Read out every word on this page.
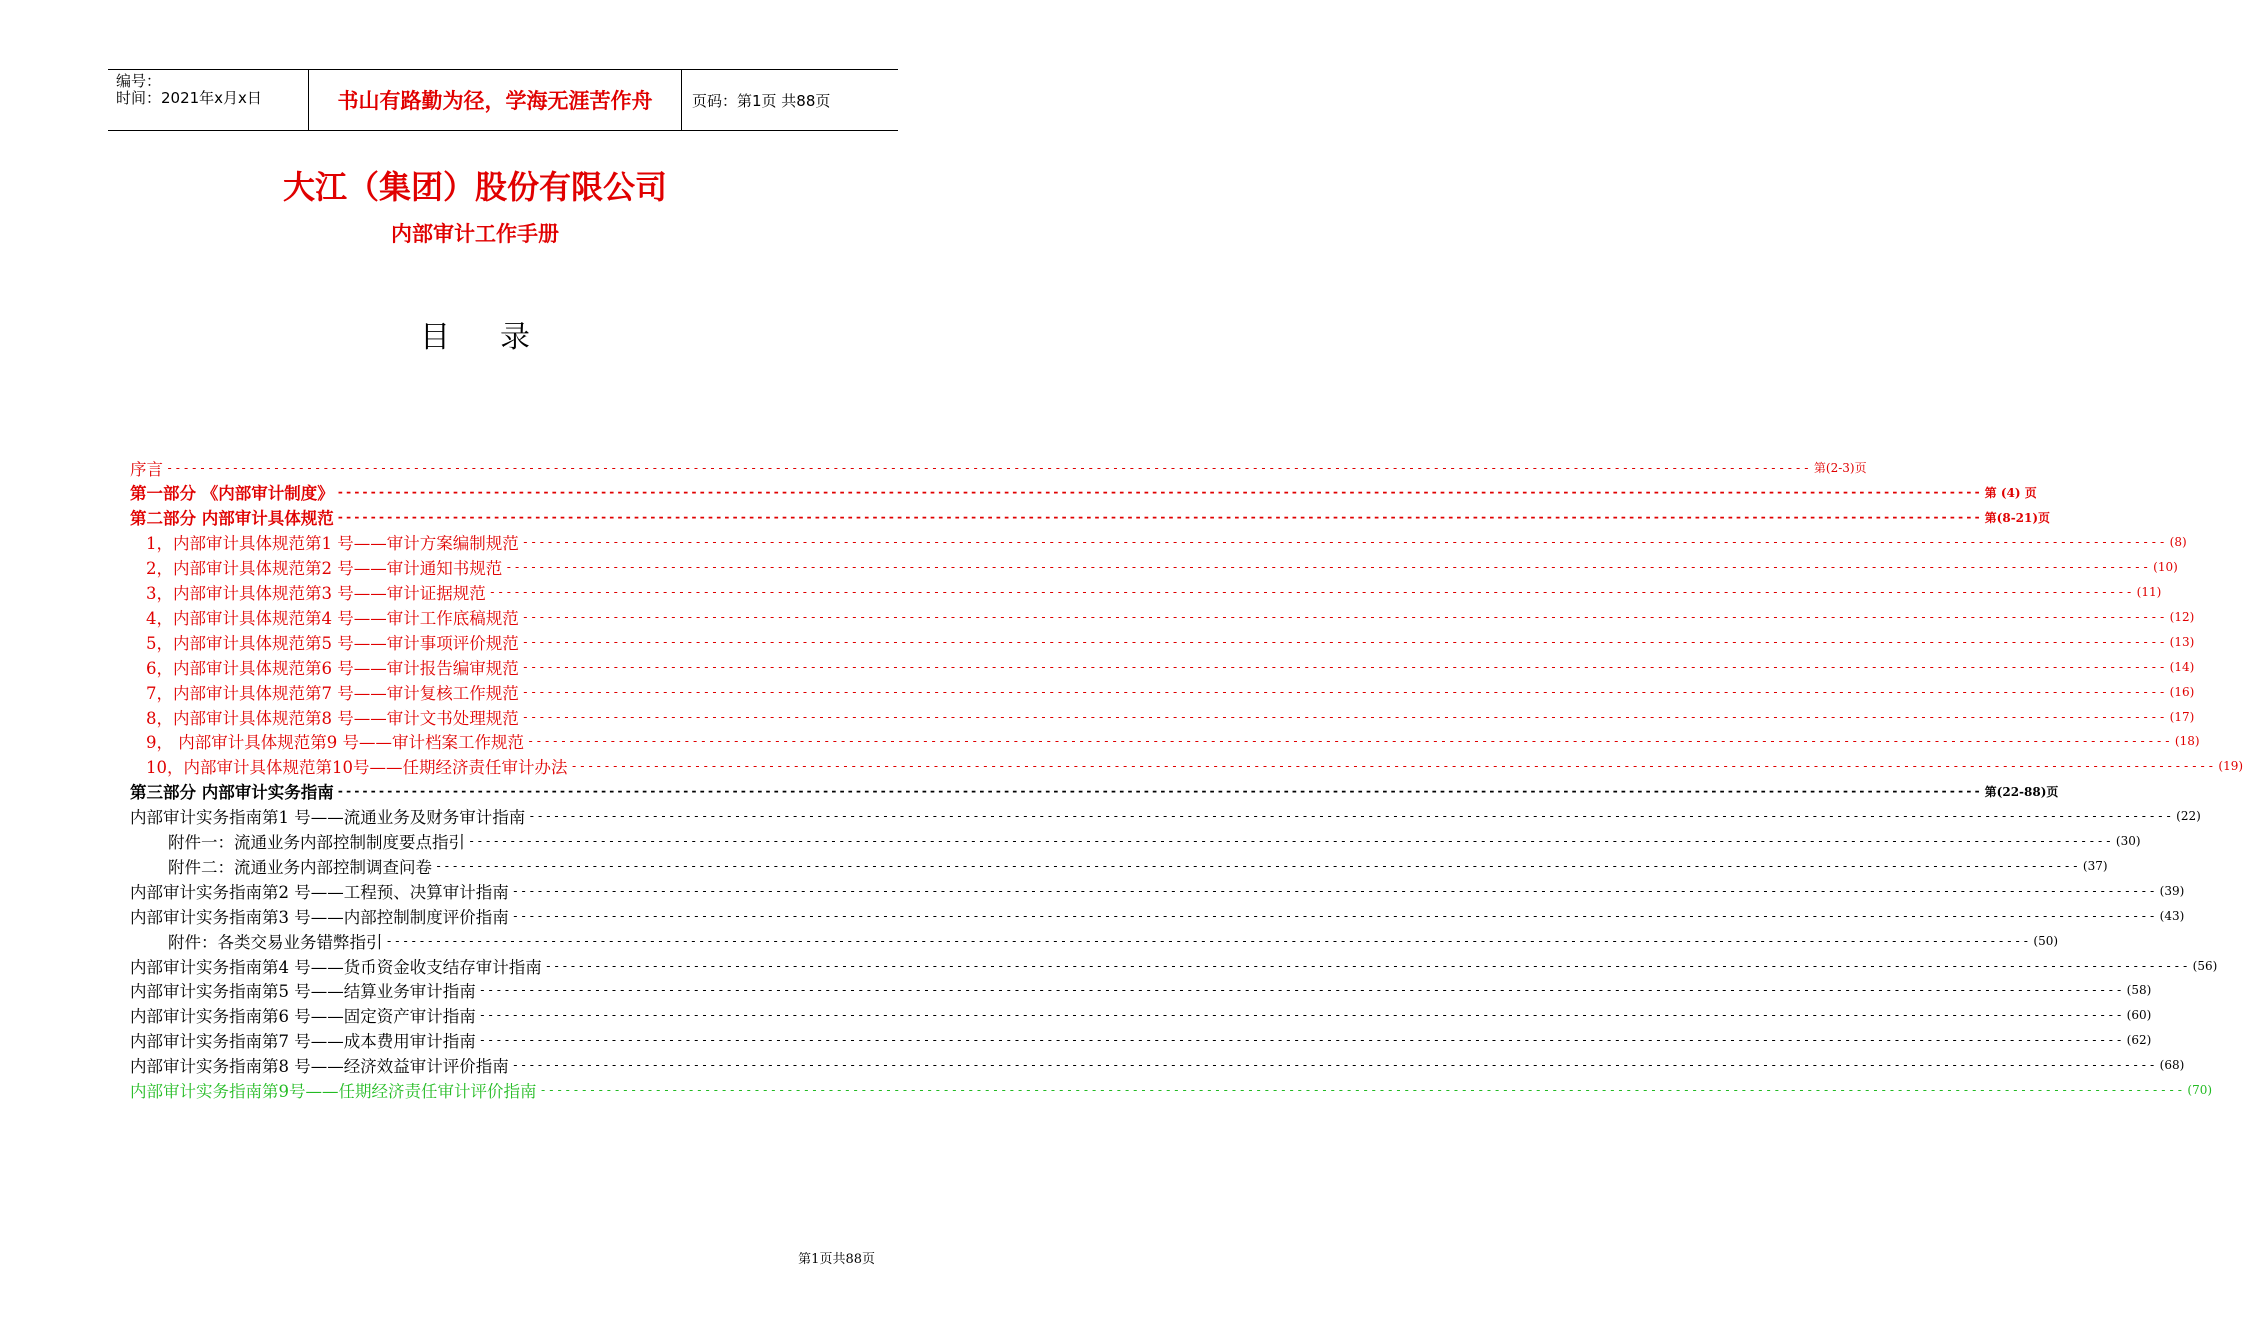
编号：
时间：2021年x月x日	书山有路勤为径，学海无涯苦作舟	页码：第1页 共88页
大江（集团）股份有限公司
内部审计工作手册
目录
序言 -------------------------------------------------------------------------------------------------------------------------------------------------------------------------------------------------------- 第(2-3)页
第一部分 《内部审计制度》 -------------------------------------------------------------------------------------------------------------------------------------------------------------------------------------------------------- 第 (4) 页
第二部分 内部审计具体规范 -------------------------------------------------------------------------------------------------------------------------------------------------------------------------------------------------------- 第(8-21)页
1，内部审计具体规范第1 号——审计方案编制规范 -------------------------------------------------------------------------------------------------------------------------------------------------------------------------------------------------------- (8)
2，内部审计具体规范第2 号——审计通知书规范 -------------------------------------------------------------------------------------------------------------------------------------------------------------------------------------------------------- (10)
3，内部审计具体规范第3 号——审计证据规范 -------------------------------------------------------------------------------------------------------------------------------------------------------------------------------------------------------- (11)
4，内部审计具体规范第4 号——审计工作底稿规范 -------------------------------------------------------------------------------------------------------------------------------------------------------------------------------------------------------- (12)
5，内部审计具体规范第5 号——审计事项评价规范 -------------------------------------------------------------------------------------------------------------------------------------------------------------------------------------------------------- (13)
6，内部审计具体规范第6 号——审计报告编审规范 -------------------------------------------------------------------------------------------------------------------------------------------------------------------------------------------------------- (14)
7，内部审计具体规范第7 号——审计复核工作规范 -------------------------------------------------------------------------------------------------------------------------------------------------------------------------------------------------------- (16)
8，内部审计具体规范第8 号——审计文书处理规范 -------------------------------------------------------------------------------------------------------------------------------------------------------------------------------------------------------- (17)
9， 内部审计具体规范第9 号——审计档案工作规范 -------------------------------------------------------------------------------------------------------------------------------------------------------------------------------------------------------- (18)
10，内部审计具体规范第10号——任期经济责任审计办法 -------------------------------------------------------------------------------------------------------------------------------------------------------------------------------------------------------- (19)
第三部分 内部审计实务指南 -------------------------------------------------------------------------------------------------------------------------------------------------------------------------------------------------------- 第(22-88)页
内部审计实务指南第1 号——流通业务及财务审计指南 -------------------------------------------------------------------------------------------------------------------------------------------------------------------------------------------------------- (22)
附件一：流通业务内部控制制度要点指引 -------------------------------------------------------------------------------------------------------------------------------------------------------------------------------------------------------- (30)
附件二：流通业务内部控制调查问卷 -------------------------------------------------------------------------------------------------------------------------------------------------------------------------------------------------------- (37)
内部审计实务指南第2 号——工程预、决算审计指南 -------------------------------------------------------------------------------------------------------------------------------------------------------------------------------------------------------- (39)
内部审计实务指南第3 号——内部控制制度评价指南 -------------------------------------------------------------------------------------------------------------------------------------------------------------------------------------------------------- (43)
附件：各类交易业务错弊指引 -------------------------------------------------------------------------------------------------------------------------------------------------------------------------------------------------------- (50)
内部审计实务指南第4 号——货币资金收支结存审计指南 -------------------------------------------------------------------------------------------------------------------------------------------------------------------------------------------------------- (56)
内部审计实务指南第5 号——结算业务审计指南 -------------------------------------------------------------------------------------------------------------------------------------------------------------------------------------------------------- (58)
内部审计实务指南第6 号——固定资产审计指南 -------------------------------------------------------------------------------------------------------------------------------------------------------------------------------------------------------- (60)
内部审计实务指南第7 号——成本费用审计指南 -------------------------------------------------------------------------------------------------------------------------------------------------------------------------------------------------------- (62)
内部审计实务指南第8 号——经济效益审计评价指南 -------------------------------------------------------------------------------------------------------------------------------------------------------------------------------------------------------- (68)
内部审计实务指南第9号——任期经济责任审计评价指南 -------------------------------------------------------------------------------------------------------------------------------------------------------------------------------------------------------- (70)
第1页共88页
